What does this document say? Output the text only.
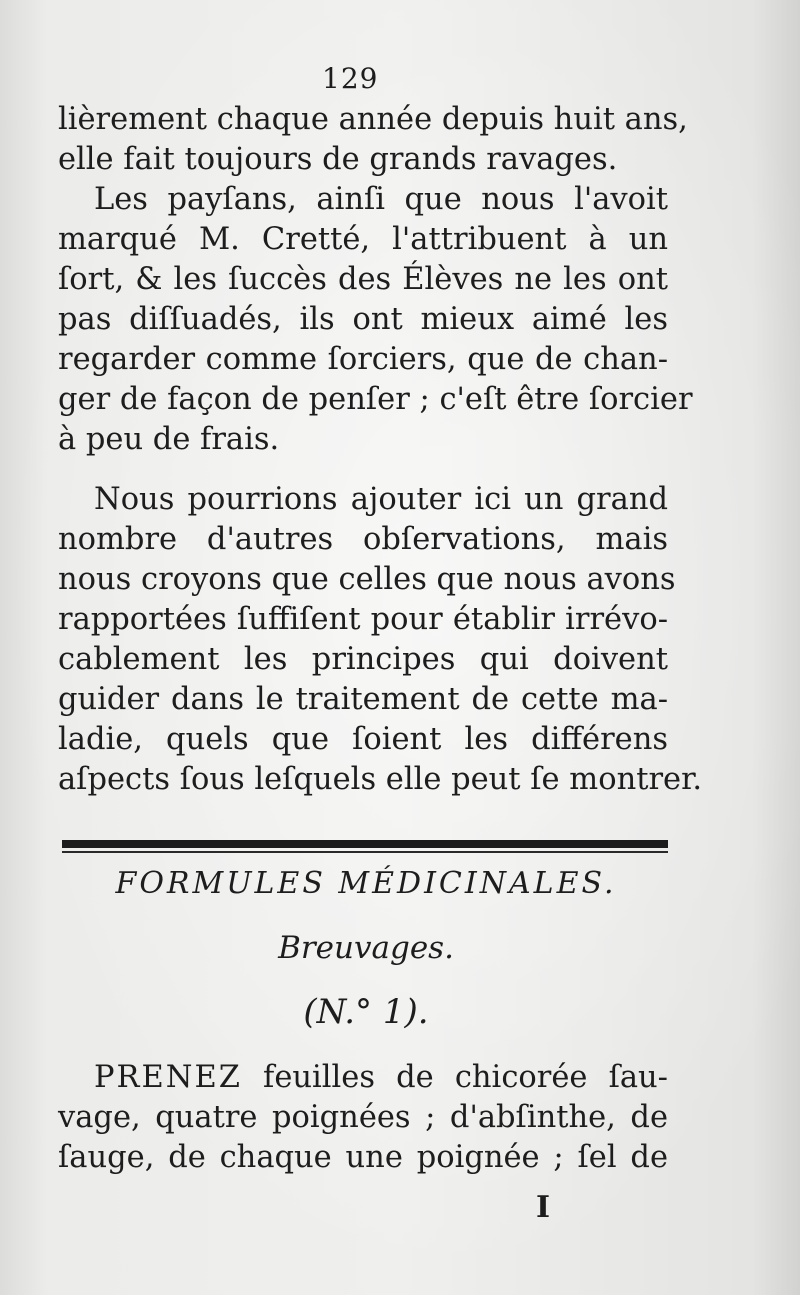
129
lièrement chaque année depuis huit ans,
elle fait toujours de grands ravages.
Les payſans, ainſi que nous l'avoit
marqué M. Cretté, l'attribuent à un
ſort, & les ſuccès des Élèves ne les ont
pas diſſuadés, ils ont mieux aimé les
regarder comme ſorciers, que de chan-
ger de façon de penſer ; c'eſt être ſorcier
à peu de frais.
Nous pourrions ajouter ici un grand
nombre d'autres obſervations, mais
nous croyons que celles que nous avons
rapportées ſuffiſent pour établir irrévo-
cablement les principes qui doivent
guider dans le traitement de cette ma-
ladie, quels que ſoient les différens
aſpects ſous leſquels elle peut ſe montrer.
FORMULES MÉDICINALES.
Breuvages.
(N.° 1).
PRENEZ feuilles de chicorée ſau-
vage, quatre poignées ; d'abſinthe, de
ſauge, de chaque une poignée ; ſel de
I
